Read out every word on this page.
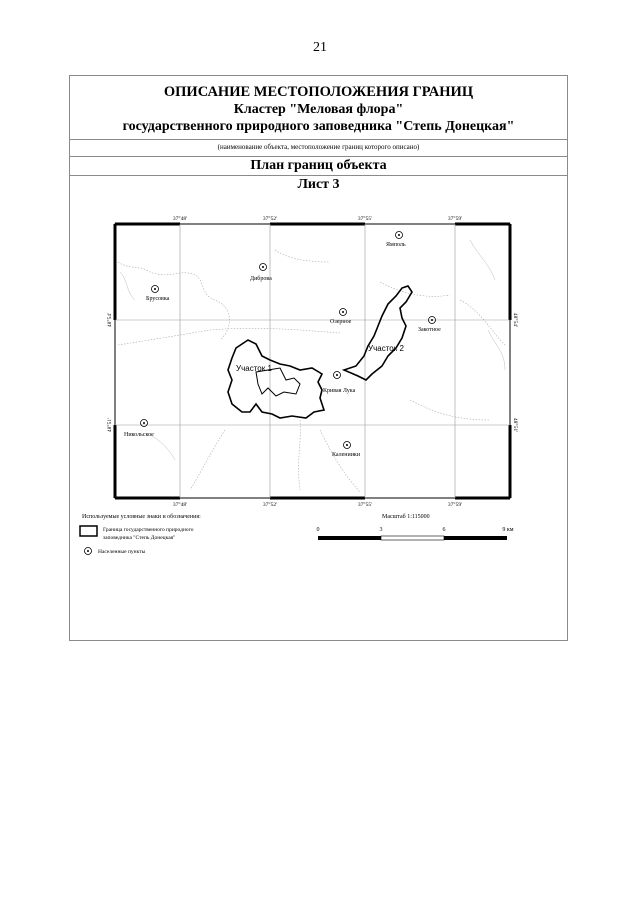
21
ОПИСАНИЕ МЕСТОПОЛОЖЕНИЯ ГРАНИЦ
Кластер "Меловая флора"
государственного природного заповедника "Степь Донецкая"
(наименование объекта, местоположение границ которого описано)
План границ объекта
Лист 3
37°48'	37°52'	37°55'	37°59'
37°48'	37°52'	37°55'	37°59'
48°54'
48°51'
48°54'
48°51'
Брусовка
Диброва
Ямполь
Озерное
Закотное
Кривая Лука
Никольское
Калениики
Участок 1
Участок 2
Используемые условные знаки и обозначения:
Граница государственного природного
заповедника "Степь Донецкая"
Населенные пункты
Масштаб 1:115000
0	3	6	9 км
